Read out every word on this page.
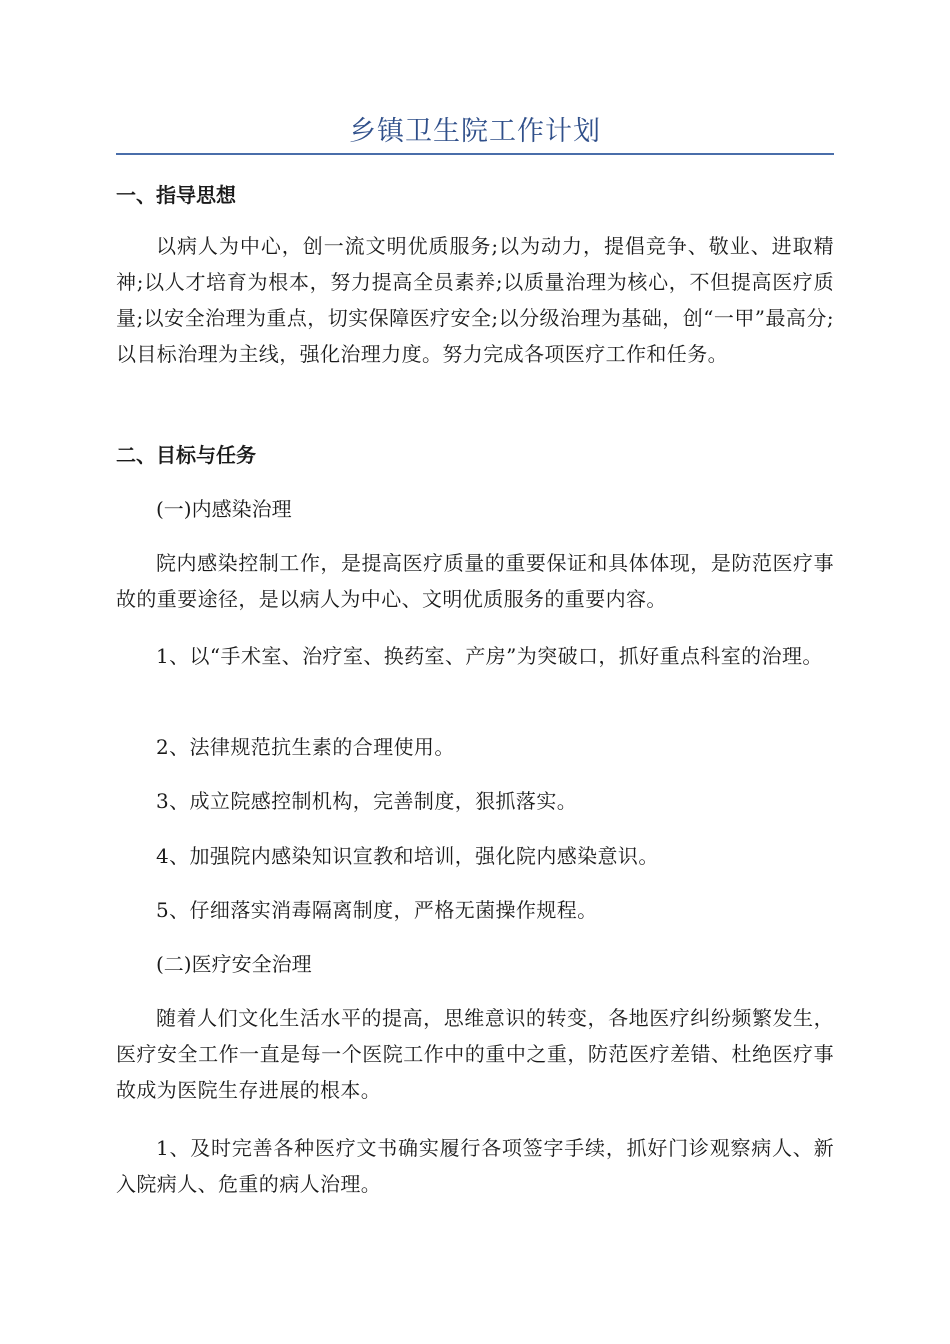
乡镇卫生院工作计划
一、指导思想
以病人为中心，创一流文明优质服务;以为动力，提倡竞争、敬业、进取精神;以人才培育为根本，努力提高全员素养;以质量治理为核心，不但提高医疗质量;以安全治理为重点，切实保障医疗安全;以分级治理为基础，创“一甲”最高分;以目标治理为主线，强化治理力度。努力完成各项医疗工作和任务。
二、目标与任务
(一)内感染治理
院内感染控制工作，是提高医疗质量的重要保证和具体体现，是防范医疗事故的重要途径，是以病人为中心、文明优质服务的重要内容。
1、以“手术室、治疗室、换药室、产房”为突破口，抓好重点科室的治理。
2、法律规范抗生素的合理使用。
3、成立院感控制机构，完善制度，狠抓落实。
4、加强院内感染知识宣教和培训，强化院内感染意识。
5、仔细落实消毒隔离制度，严格无菌操作规程。
(二)医疗安全治理
随着人们文化生活水平的提高，思维意识的转变，各地医疗纠纷频繁发生，医疗安全工作一直是每一个医院工作中的重中之重，防范医疗差错、杜绝医疗事故成为医院生存进展的根本。
1、及时完善各种医疗文书确实履行各项签字手续，抓好门诊观察病人、新入院病人、危重的病人治理。
